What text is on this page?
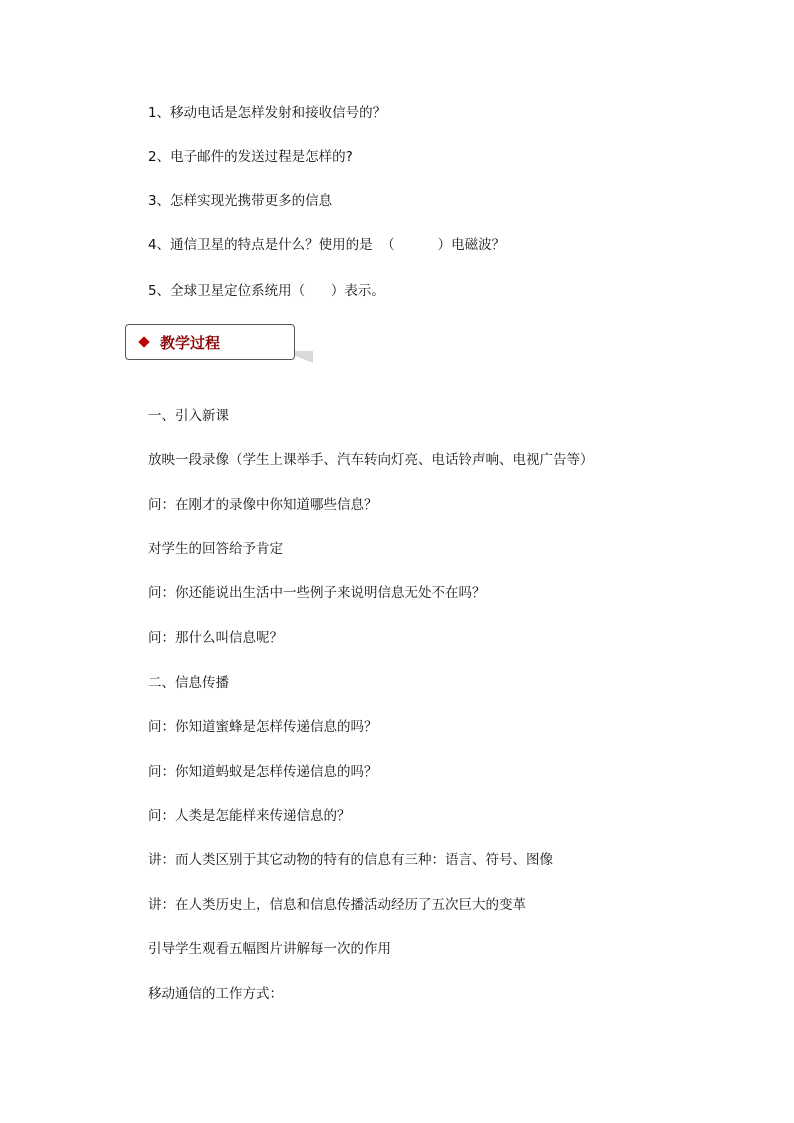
1、移动电话是怎样发射和接收信号的？

2、电子邮件的发送过程是怎样的?

3、怎样实现光携带更多的信息

4、通信卫星的特点是什么？使用的是  （          ）电磁波？

5、全球卫星定位系统用（      ）表示。

教学过程

一、引入新课

放映一段录像（学生上课举手、汽车转向灯亮、电话铃声响、电视广告等）

问：在刚才的录像中你知道哪些信息？

对学生的回答给予肯定

问：你还能说出生活中一些例子来说明信息无处不在吗？

问：那什么叫信息呢？

二、信息传播

问：你知道蜜蜂是怎样传递信息的吗？

问：你知道蚂蚁是怎样传递信息的吗？

问：人类是怎能样来传递信息的？

讲：而人类区别于其它动物的特有的信息有三种：语言、符号、图像

讲：在人类历史上，信息和信息传播活动经历了五次巨大的变革

引导学生观看五幅图片讲解每一次的作用

移动通信的工作方式：
